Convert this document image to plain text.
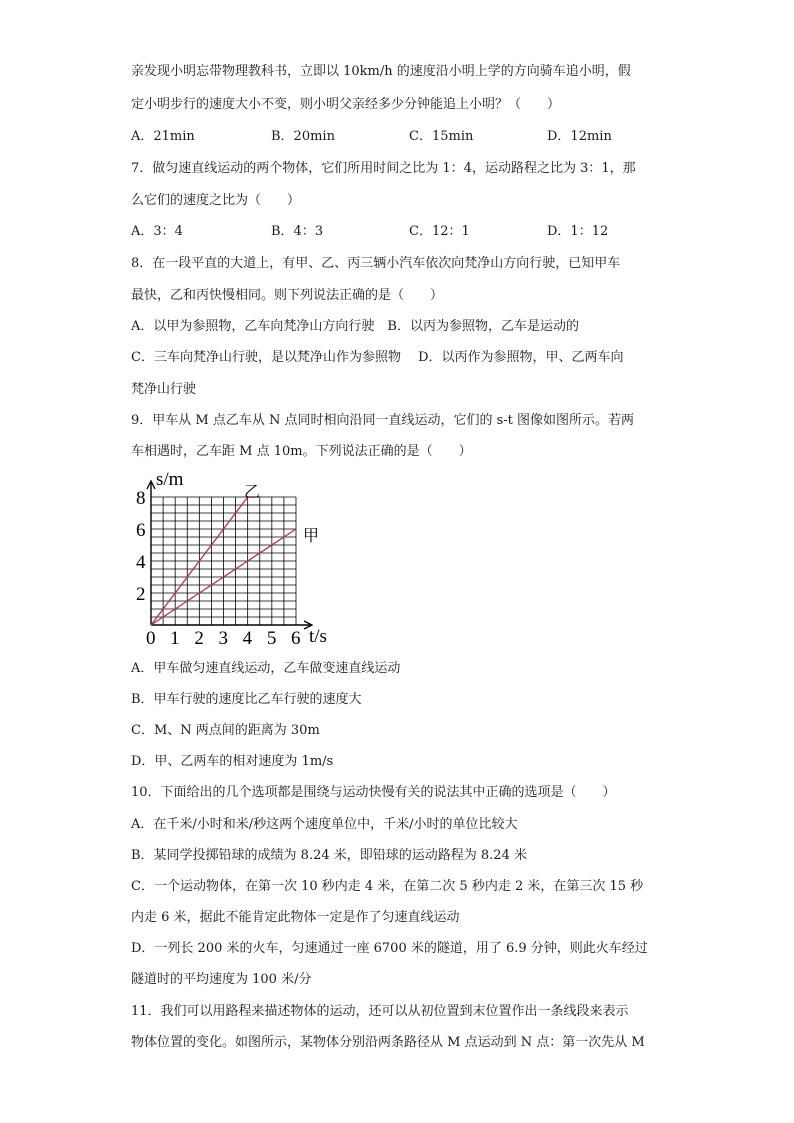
亲发现小明忘带物理教科书，立即以 10km/h 的速度沿小明上学的方向骑车追小明，假
定小明步行的速度大小不变，则小明父亲经多少分钟能追上小明？（　　）
A．21min	B．20min	C．15min	D．12min
7．做匀速直线运动的两个物体，它们所用时间之比为 1：4，运动路程之比为 3：1，那
么它们的速度之比为（　　）
A．3：4	B．4：3	C．12：1	D．1：12
8．在一段平直的大道上，有甲、乙、丙三辆小汽车依次向梵净山方向行驶，已知甲车
最快，乙和丙快慢相同。则下列说法正确的是（　　）
A．以甲为参照物，乙车向梵净山方向行驶　B．以丙为参照物，乙车是运动的
C．三车向梵净山行驶，是以梵净山作为参照物　 D．以丙作为参照物，甲、乙两车向
梵净山行驶
9．甲车从 M 点乙车从 N 点同时相向沿同一直线运动，它们的 s-t 图像如图所示。若两
车相遇时，乙车距 M 点 10m。下列说法正确的是（　　）
0 1 2 3 4 5 6
2
4
6
8
s/m
t/s
乙
甲
A．甲车做匀速直线运动，乙车做变速直线运动
B．甲车行驶的速度比乙车行驶的速度大
C．M、N 两点间的距离为 30m
D．甲、乙两车的相对速度为 1m/s
10．下面给出的几个选项都是围绕与运动快慢有关的说法其中正确的选项是（　　）
A．在千米/小时和米/秒这两个速度单位中，千米/小时的单位比较大
B．某同学投掷铅球的成绩为 8.24 米，即铅球的运动路程为 8.24 米
C．一个运动物体，在第一次 10 秒内走 4 米，在第二次 5 秒内走 2 米，在第三次 15 秒
内走 6 米，据此不能肯定此物体一定是作了匀速直线运动
D．一列长 200 米的火车，匀速通过一座 6700 米的隧道，用了 6.9 分钟，则此火车经过
隧道时的平均速度为 100 米/分
11．我们可以用路程来描述物体的运动，还可以从初位置到末位置作出一条线段来表示
物体位置的变化。如图所示，某物体分别沿两条路径从 M 点运动到 N 点：第一次先从 M
